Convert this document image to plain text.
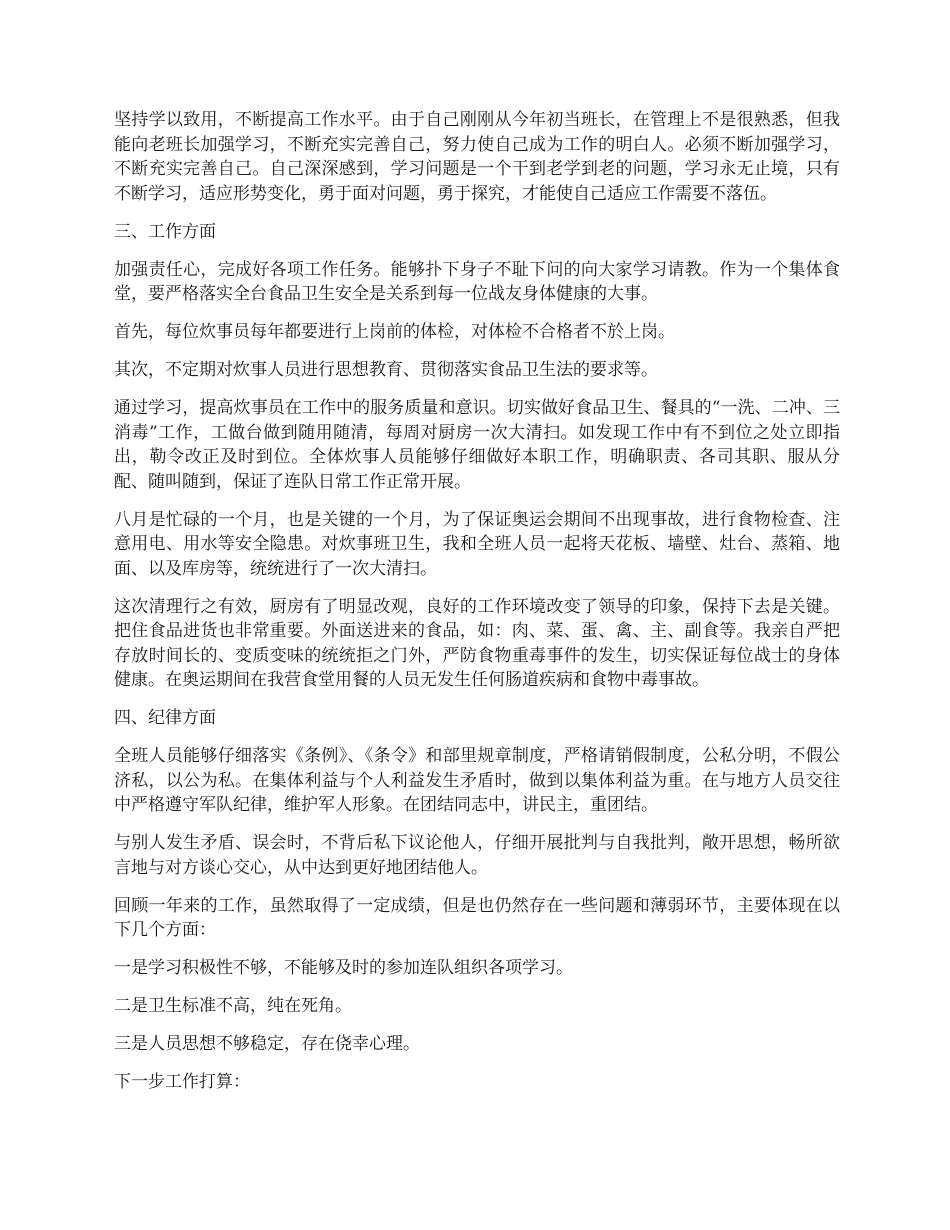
坚持学以致用，不断提高工作水平。由于自己刚刚从今年初当班长，在管理上不是很熟悉，但我能向老班长加强学习，不断充实完善自己，努力使自己成为工作的明白人。必须不断加强学习，不断充实完善自己。自己深深感到，学习问题是一个干到老学到老的问题，学习永无止境，只有不断学习，适应形势变化，勇于面对问题，勇于探究，才能使自己适应工作需要不落伍。

三、工作方面

加强责任心，完成好各项工作任务。能够扑下身子不耻下问的向大家学习请教。作为一个集体食堂，要严格落实全台食品卫生安全是关系到每一位战友身体健康的大事。

首先，每位炊事员每年都要进行上岗前的体检，对体检不合格者不於上岗。

其次，不定期对炊事人员进行思想教育、贯彻落实食品卫生法的要求等。

通过学习，提高炊事员在工作中的服务质量和意识。切实做好食品卫生、餐具的“一洗、二冲、三消毒”工作，工做台做到随用随清，每周对厨房一次大清扫。如发现工作中有不到位之处立即指出，勒令改正及时到位。全体炊事人员能够仔细做好本职工作，明确职责、各司其职、服从分配、随叫随到，保证了连队日常工作正常开展。

八月是忙碌的一个月，也是关键的一个月，为了保证奥运会期间不出现事故，进行食物检查、注意用电、用水等安全隐患。对炊事班卫生，我和全班人员一起将天花板、墙壁、灶台、蒸箱、地面、以及库房等，统统进行了一次大清扫。

这次清理行之有效，厨房有了明显改观，良好的工作环境改变了领导的印象，保持下去是关键。把住食品进货也非常重要。外面送进来的食品，如：肉、菜、蛋、禽、主、副食等。我亲自严把存放时间长的、变质变味的统统拒之门外，严防食物重毒事件的发生，切实保证每位战士的身体健康。在奥运期间在我营食堂用餐的人员无发生任何肠道疾病和食物中毒事故。

四、纪律方面

全班人员能够仔细落实《条例》、《条令》和部里规章制度，严格请销假制度，公私分明，不假公济私，以公为私。在集体利益与个人利益发生矛盾时，做到以集体利益为重。在与地方人员交往中严格遵守军队纪律，维护军人形象。在团结同志中，讲民主，重团结。

与别人发生矛盾、误会时，不背后私下议论他人，仔细开展批判与自我批判，敞开思想，畅所欲言地与对方谈心交心，从中达到更好地团结他人。

回顾一年来的工作，虽然取得了一定成绩，但是也仍然存在一些问题和薄弱环节，主要体现在以下几个方面：

一是学习积极性不够，不能够及时的参加连队组织各项学习。

二是卫生标准不高，纯在死角。

三是人员思想不够稳定，存在侥幸心理。

下一步工作打算：
